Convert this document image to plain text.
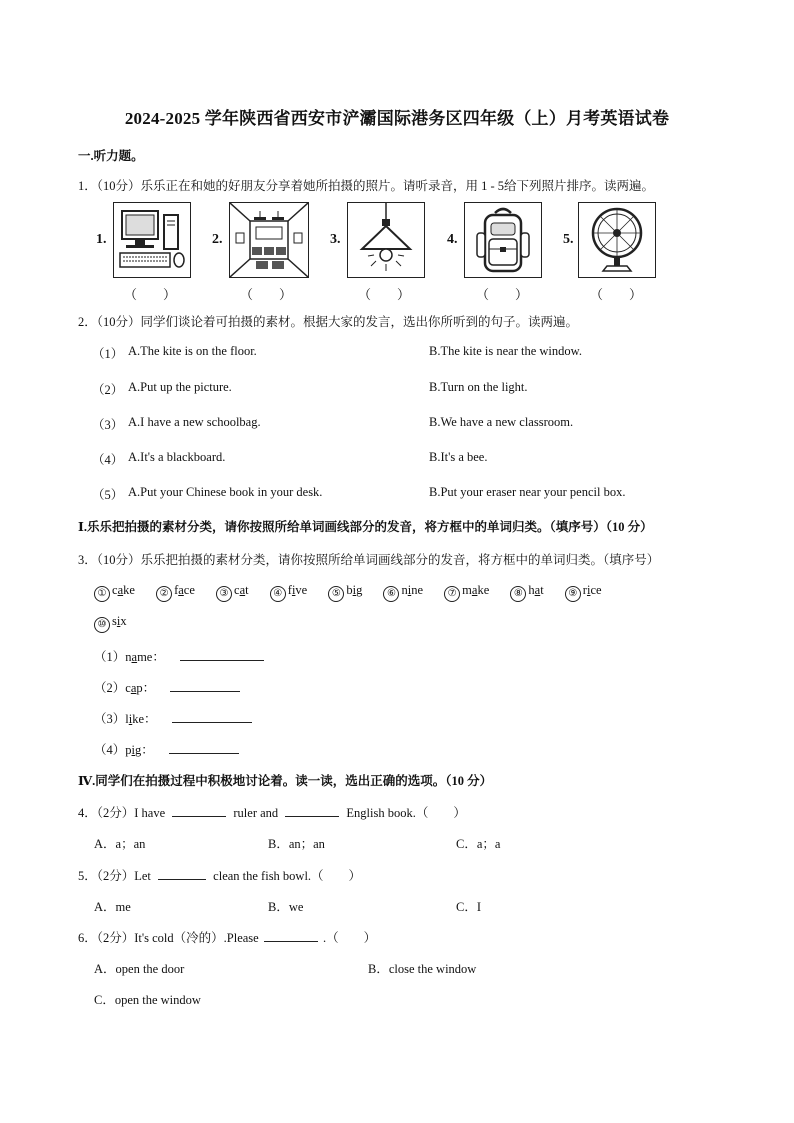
2024-2025 学年陕西省西安市浐灞国际港务区四年级（上）月考英语试卷
一.听力题。
1．（10分）乐乐正在和她的好朋友分享着她所拍摄的照片。请听录音，用 1 - 5给下列照片排序。读两遍。
1.
（　　）
2.
（　　）
3.
（　　）
4.
（　　）
5.
（　　）
2．（10分）同学们谈论着可拍摄的素材。根据大家的发言，选出你所听到的句子。读两遍。
（1） A.The kite is on the floor.	B.The kite is near the window.
（2） A.Put up the picture.	B.Turn on the light.
（3） A.I have a new schoolbag.	B.We have a new classroom.
（4） A.It's a blackboard.	B.It's a bee.
（5） A.Put your Chinese book in your desk.	B.Put your eraser near your pencil box.
Ⅰ.乐乐把拍摄的素材分类，请你按照所给单词画线部分的发音，将方框中的单词归类。（填序号）（10 分）
3．（10分）乐乐把拍摄的素材分类，请你按照所给单词画线部分的发音，将方框中的单词归类。（填序号）
① cake ② face ③ cat ④ five ⑤ big ⑥ nine ⑦ make ⑧ hat ⑨ rice
⑩ six
（1）name：
（2）cap：
（3）like：
（4）pig：
Ⅳ.同学们在拍摄过程中积极地讨论着。读一读，选出正确的选项。（10 分）
4．（2分）I have	ruler and	English book.（　　）
A．a；an	B．an；an	C．a；a
5．（2分）Let	clean the fish bowl.（　　）
A．me	B．we	C．I
6．（2分）It's cold（冷的）.Please	.（　　）
A．open the door	B．close the window
C．open the window
